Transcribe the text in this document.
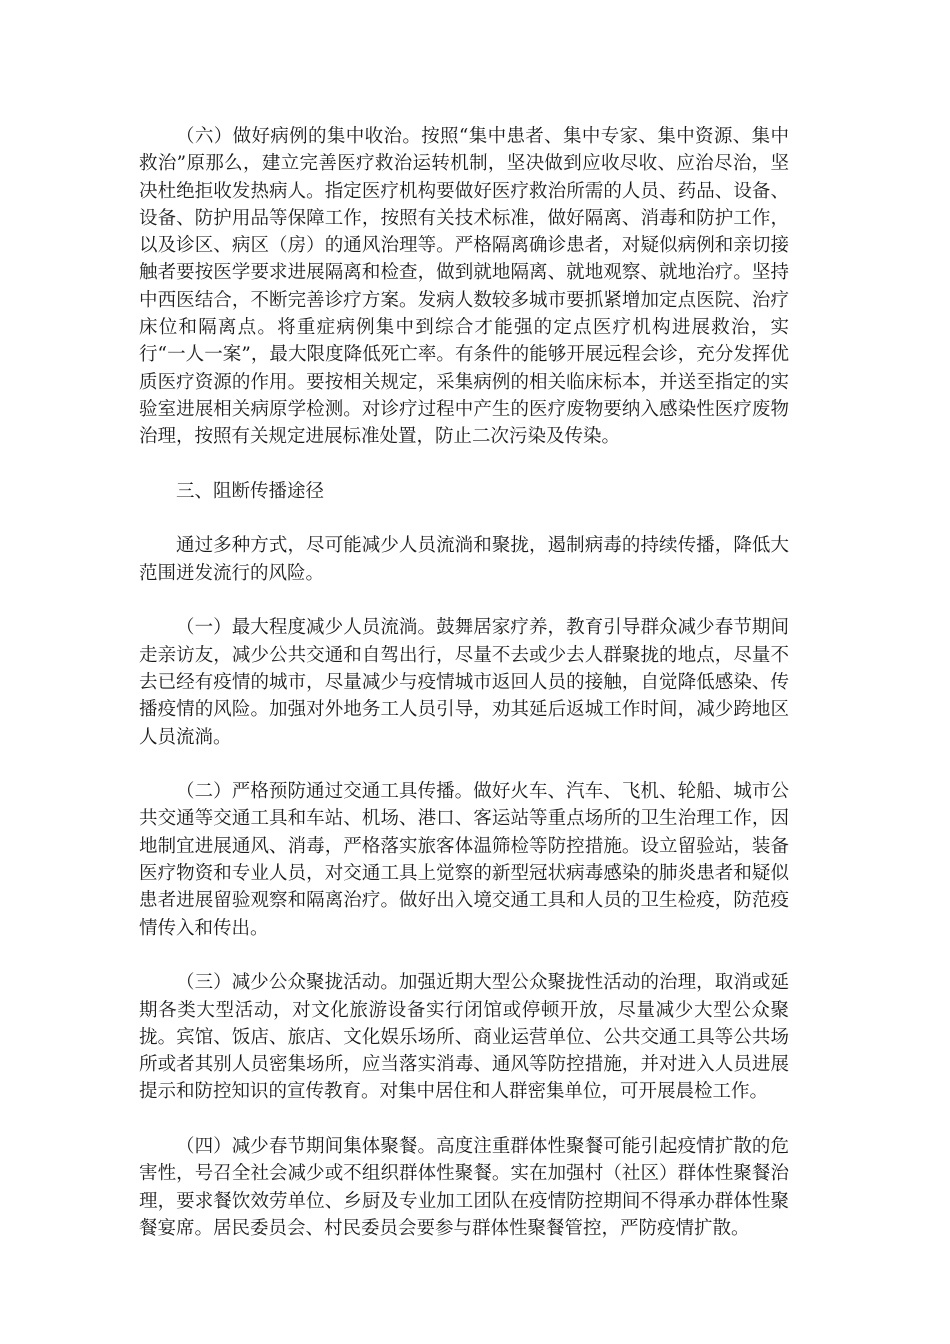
（六）做好病例的集中收治。按照“集中患者、集中专家、集中资源、集中救治”原那么，建立完善医疗救治运转机制，坚决做到应收尽收、应治尽治，坚决杜绝拒收发热病人。指定医疗机构要做好医疗救治所需的人员、药品、设备、设备、防护用品等保障工作，按照有关技术标准，做好隔离、消毒和防护工作，以及诊区、病区（房）的通风治理等。严格隔离确诊患者，对疑似病例和亲切接触者要按医学要求进展隔离和检查，做到就地隔离、就地观察、就地治疗。坚持中西医结合，不断完善诊疗方案。发病人数较多城市要抓紧增加定点医院、治疗床位和隔离点。将重症病例集中到综合才能强的定点医疗机构进展救治，实行“一人一案”，最大限度降低死亡率。有条件的能够开展远程会诊，充分发挥优质医疗资源的作用。要按相关规定，采集病例的相关临床标本，并送至指定的实验室进展相关病原学检测。对诊疗过程中产生的医疗废物要纳入感染性医疗废物治理，按照有关规定进展标准处置，防止二次污染及传染。

三、阻断传播途径

通过多种方式，尽可能减少人员流淌和聚拢，遏制病毒的持续传播，降低大范围迸发流行的风险。

（一）最大程度减少人员流淌。鼓舞居家疗养，教育引导群众减少春节期间走亲访友，减少公共交通和自驾出行，尽量不去或少去人群聚拢的地点，尽量不去已经有疫情的城市，尽量减少与疫情城市返回人员的接触，自觉降低感染、传播疫情的风险。加强对外地务工人员引导，劝其延后返城工作时间，减少跨地区人员流淌。

（二）严格预防通过交通工具传播。做好火车、汽车、飞机、轮船、城市公共交通等交通工具和车站、机场、港口、客运站等重点场所的卫生治理工作，因地制宜进展通风、消毒，严格落实旅客体温筛检等防控措施。设立留验站，装备医疗物资和专业人员，对交通工具上觉察的新型冠状病毒感染的肺炎患者和疑似患者进展留验观察和隔离治疗。做好出入境交通工具和人员的卫生检疫，防范疫情传入和传出。

（三）减少公众聚拢活动。加强近期大型公众聚拢性活动的治理，取消或延期各类大型活动，对文化旅游设备实行闭馆或停顿开放，尽量减少大型公众聚拢。宾馆、饭店、旅店、文化娱乐场所、商业运营单位、公共交通工具等公共场所或者其别人员密集场所，应当落实消毒、通风等防控措施，并对进入人员进展提示和防控知识的宣传教育。对集中居住和人群密集单位，可开展晨检工作。

（四）减少春节期间集体聚餐。高度注重群体性聚餐可能引起疫情扩散的危害性，号召全社会减少或不组织群体性聚餐。实在加强村（社区）群体性聚餐治理，要求餐饮效劳单位、乡厨及专业加工团队在疫情防控期间不得承办群体性聚餐宴席。居民委员会、村民委员会要参与群体性聚餐管控，严防疫情扩散。
